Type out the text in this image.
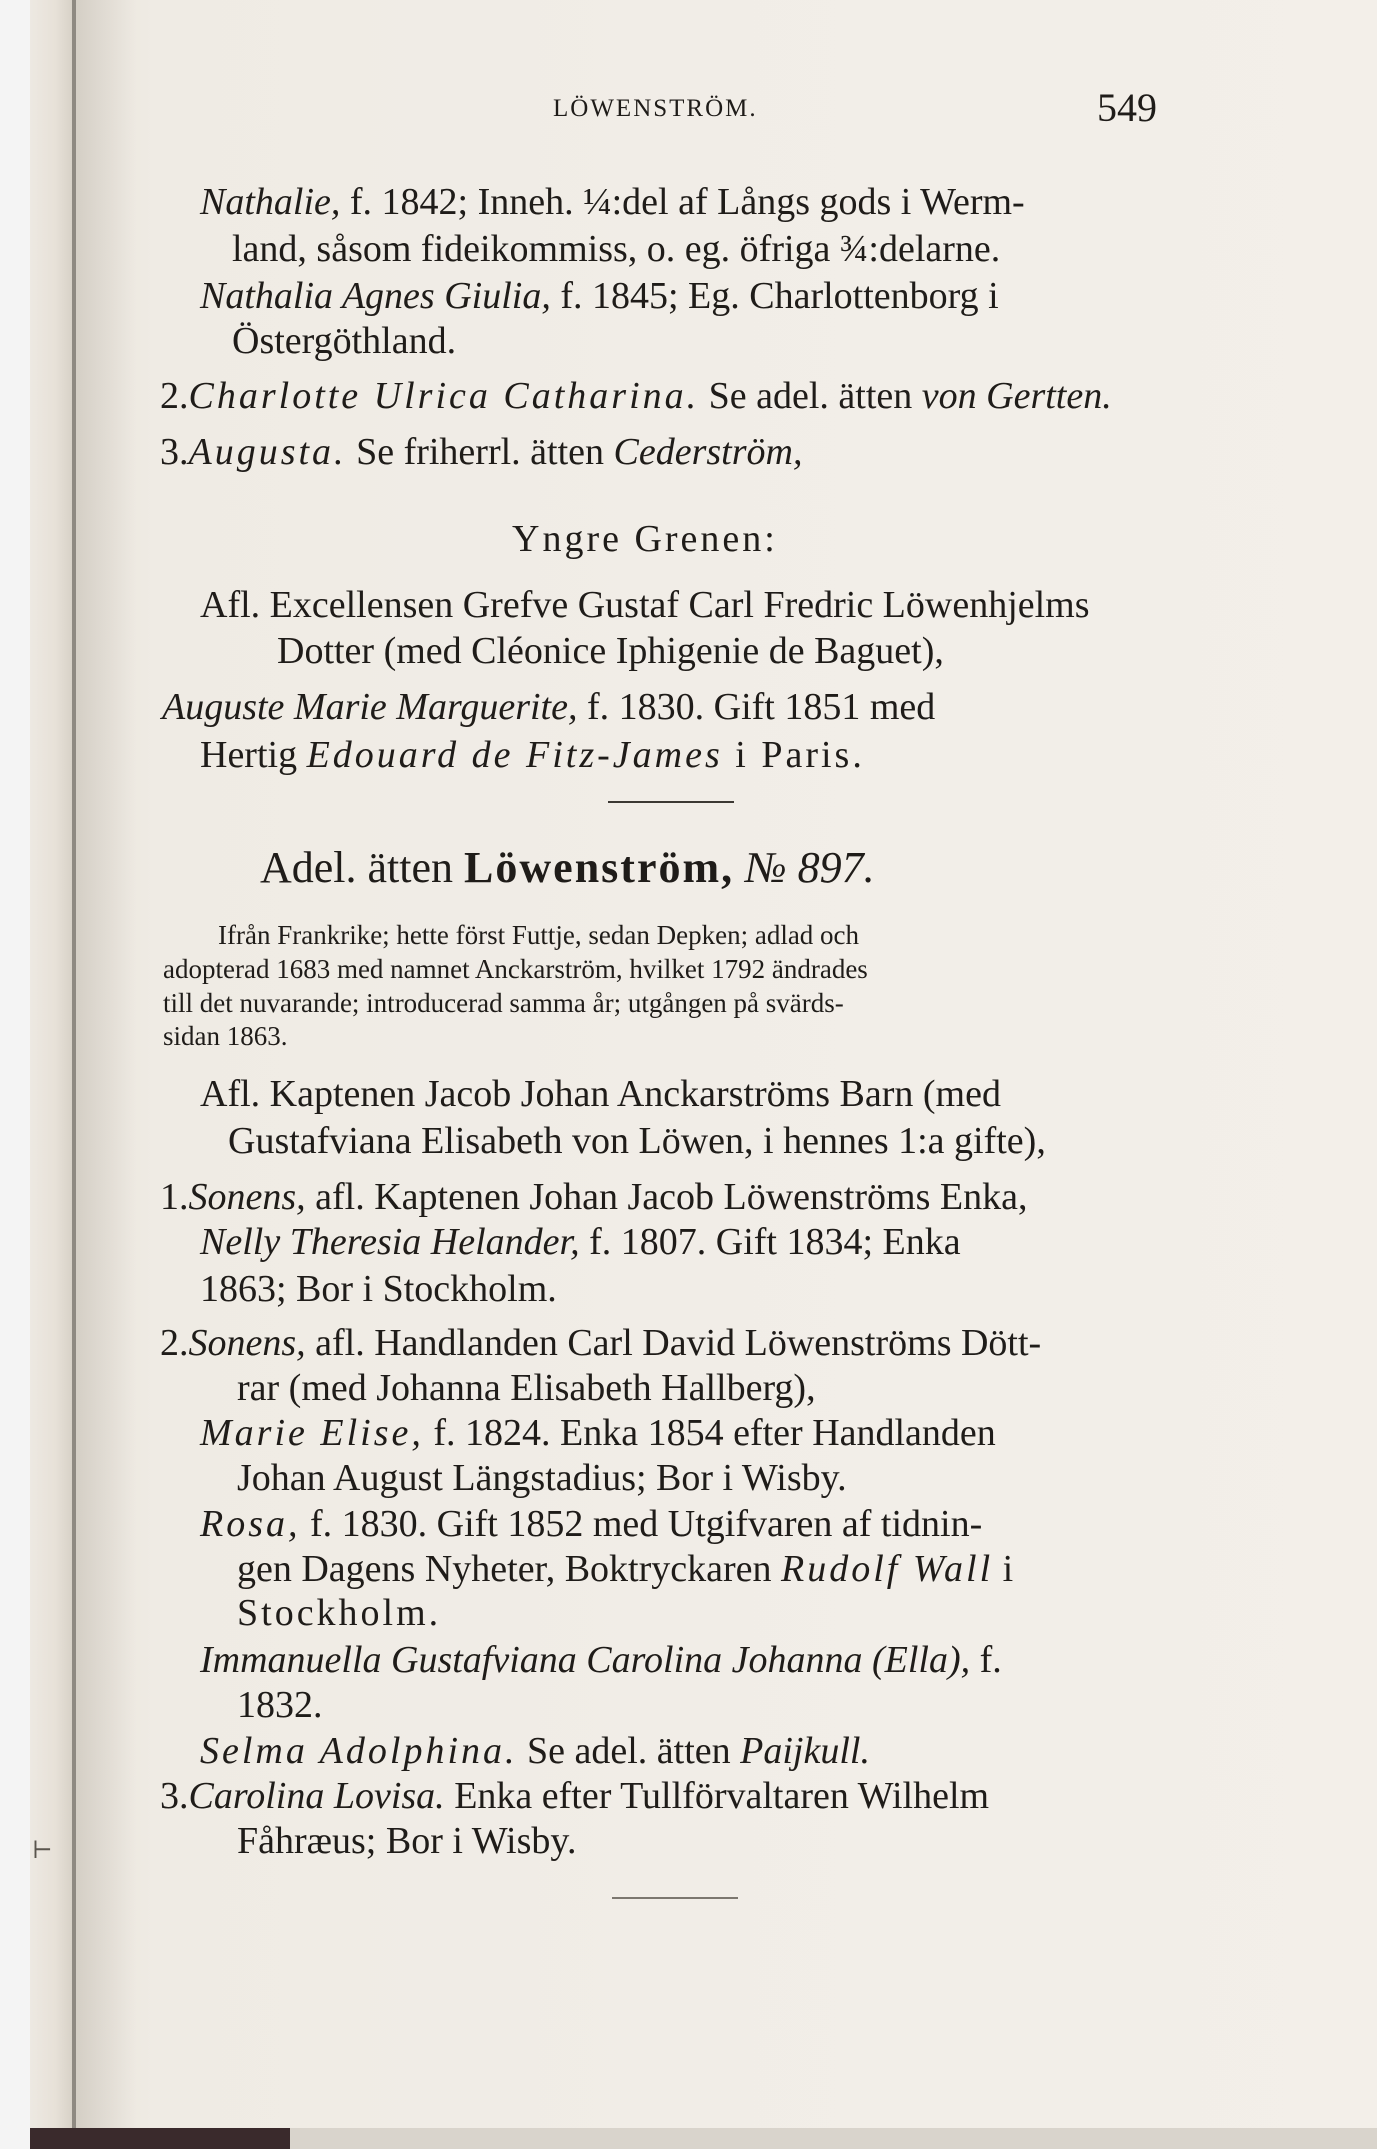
LÖWENSTRÖM.	549
Nathalie, f. 1842; Inneh. ¼:del af Långs gods i Werm-
land, såsom fideikommiss, o. eg. öfriga ¾:delarne.
Nathalia Agnes Giulia, f. 1845; Eg. Charlottenborg i
Östergöthland.
2.Charlotte Ulrica Catharina. Se adel. ätten von Gertten.
3.Augusta. Se friherrl. ätten Cederström,
Yngre Grenen:
Afl. Excellensen Grefve Gustaf Carl Fredric Löwenhjelms
Dotter (med Cléonice Iphigenie de Baguet),
Auguste Marie Marguerite, f. 1830. Gift 1851 med
Hertig Edouard de Fitz-James i Paris.
Adel. ätten Löwenström, № 897.
Ifrån Frankrike; hette först Futtje, sedan Depken; adlad och
adopterad 1683 med namnet Anckarström, hvilket 1792 ändrades
till det nuvarande; introducerad samma år; utgången på svärds-
sidan 1863.
Afl. Kaptenen Jacob Johan Anckarströms Barn (med
Gustafviana Elisabeth von Löwen, i hennes 1:a gifte),
1.Sonens, afl. Kaptenen Johan Jacob Löwenströms Enka,
Nelly Theresia Helander, f. 1807. Gift 1834; Enka
1863; Bor i Stockholm.
2.Sonens, afl. Handlanden Carl David Löwenströms Dött-
rar (med Johanna Elisabeth Hallberg),
Marie Elise, f. 1824. Enka 1854 efter Handlanden
Johan August Längstadius; Bor i Wisby.
Rosa, f. 1830. Gift 1852 med Utgifvaren af tidnin-
gen Dagens Nyheter, Boktryckaren Rudolf Wall i
Stockholm.
Immanuella Gustafviana Carolina Johanna (Ella), f.
1832.
Selma Adolphina. Se adel. ätten Paijkull.
3.Carolina Lovisa. Enka efter Tullförvaltaren Wilhelm
Fåhræus; Bor i Wisby.
⊢
